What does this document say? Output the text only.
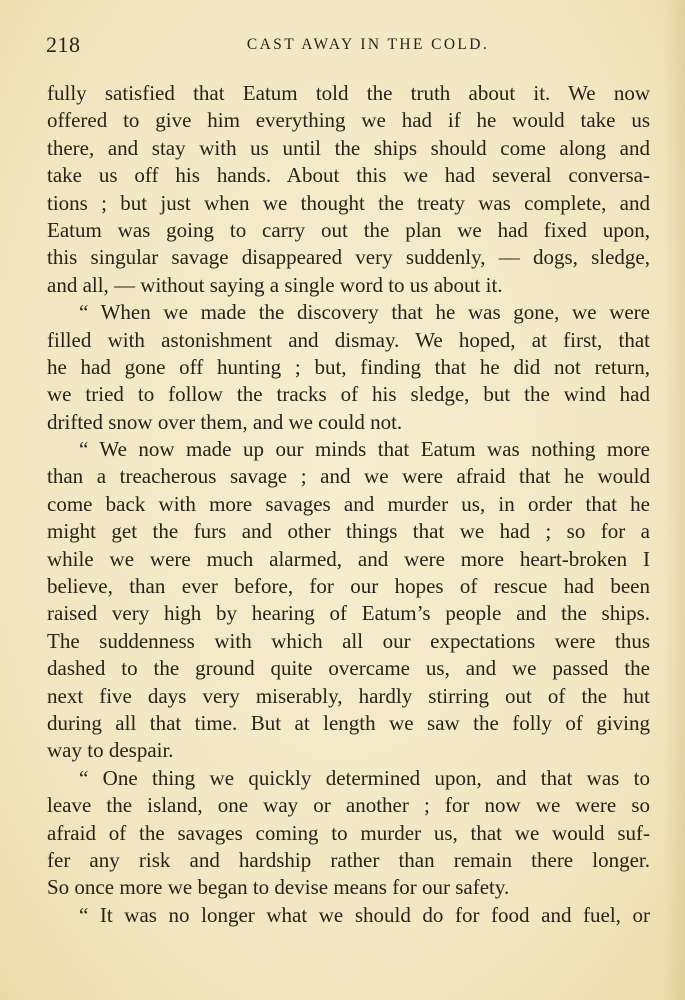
218	CAST AWAY IN THE COLD.
fully satisfied that Eatum told the truth about it. We now
offered to give him everything we had if he would take us
there, and stay with us until the ships should come along and
take us off his hands. About this we had several conversa-
tions ; but just when we thought the treaty was complete, and
Eatum was going to carry out the plan we had fixed upon,
this singular savage disappeared very suddenly, — dogs, sledge,
and all, — without saying a single word to us about it.
“ When we made the discovery that he was gone, we were
filled with astonishment and dismay. We hoped, at first, that
he had gone off hunting ; but, finding that he did not return,
we tried to follow the tracks of his sledge, but the wind had
drifted snow over them, and we could not.
“ We now made up our minds that Eatum was nothing more
than a treacherous savage ; and we were afraid that he would
come back with more savages and murder us, in order that he
might get the furs and other things that we had ; so for a
while we were much alarmed, and were more heart-broken I
believe, than ever before, for our hopes of rescue had been
raised very high by hearing of Eatum’s people and the ships.
The suddenness with which all our expectations were thus
dashed to the ground quite overcame us, and we passed the
next five days very miserably, hardly stirring out of the hut
during all that time. But at length we saw the folly of giving
way to despair.
“ One thing we quickly determined upon, and that was to
leave the island, one way or another ; for now we were so
afraid of the savages coming to murder us, that we would suf-
fer any risk and hardship rather than remain there longer.
So once more we began to devise means for our safety.
“ It was no longer what we should do for food and fuel, or
